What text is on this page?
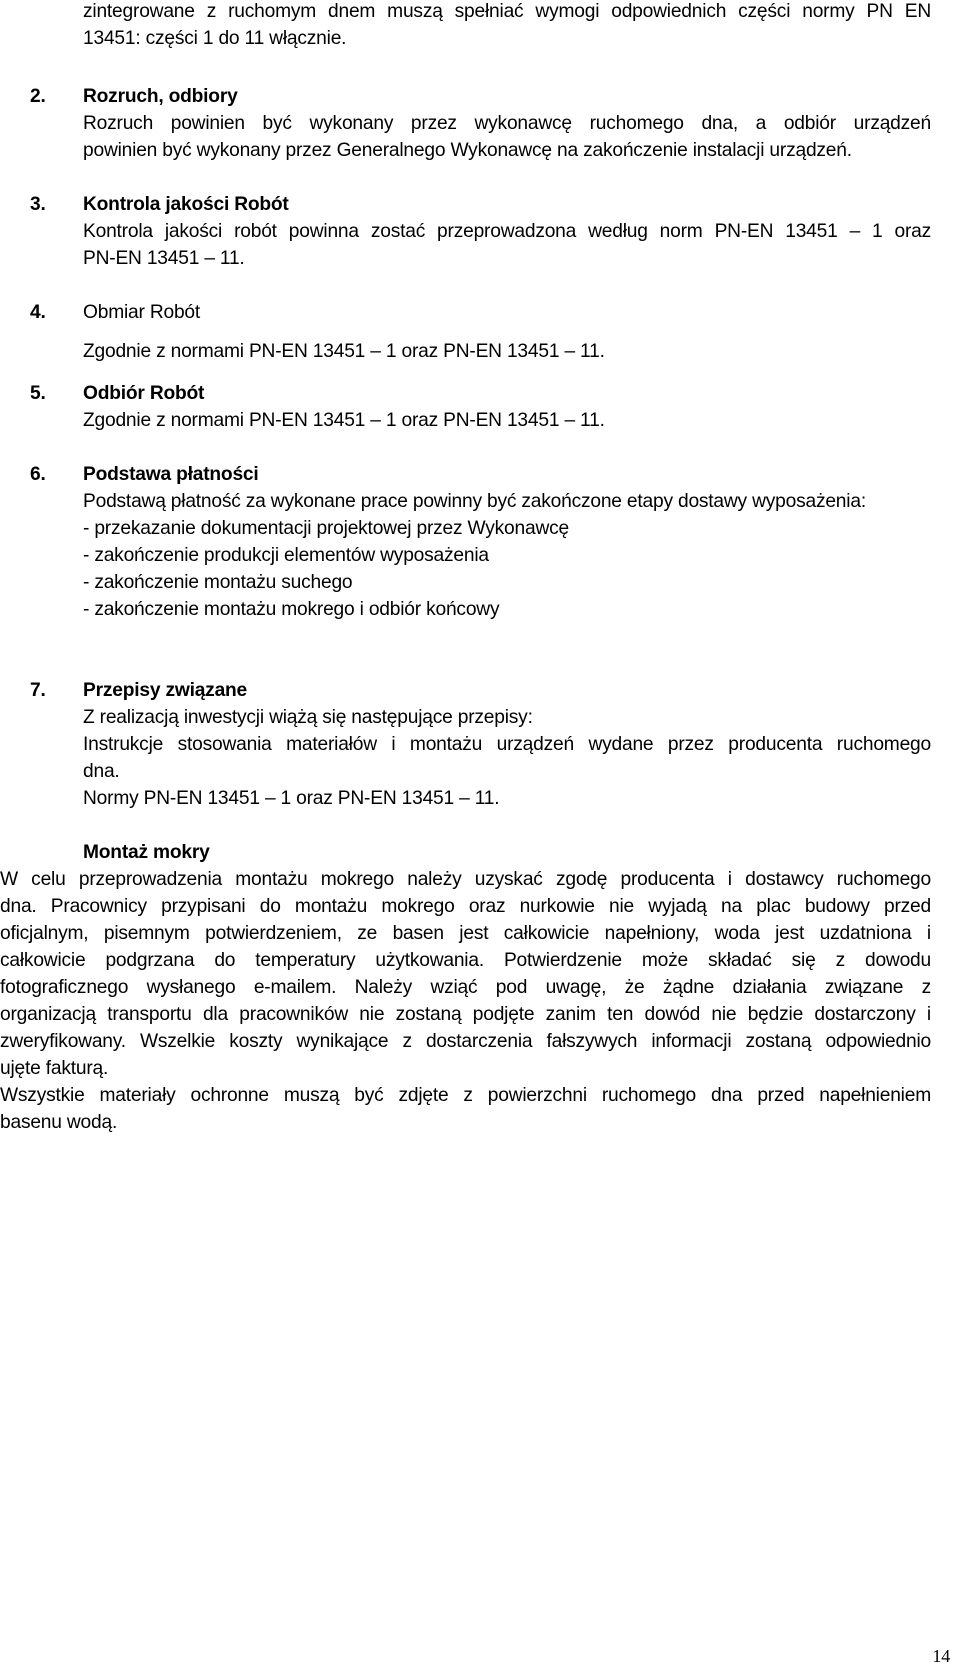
zintegrowane z ruchomym dnem muszą spełniać wymogi odpowiednich części normy PN EN
13451: części 1 do 11 włącznie.
2. Rozruch, odbiory
Rozruch powinien być wykonany przez wykonawcę ruchomego dna, a odbiór urządzeń
powinien być wykonany przez Generalnego Wykonawcę na zakończenie instalacji urządzeń.
3. Kontrola jakości Robót
Kontrola jakości robót powinna zostać przeprowadzona według norm PN-EN 13451 – 1 oraz
PN-EN 13451 – 11.
4. Obmiar Robót
Zgodnie z normami PN-EN 13451 – 1 oraz PN-EN 13451 – 11.
5. Odbiór Robót
Zgodnie z normami PN-EN 13451 – 1 oraz PN-EN 13451 – 11.
6. Podstawa płatności
Podstawą płatność za wykonane prace powinny być zakończone etapy dostawy wyposażenia:
- przekazanie dokumentacji projektowej przez Wykonawcę
- zakończenie produkcji elementów wyposażenia
- zakończenie montażu suchego
- zakończenie montażu mokrego i odbiór końcowy
7. Przepisy związane
Z realizacją inwestycji wiążą się następujące przepisy:
Instrukcje stosowania materiałów i montażu urządzeń wydane przez producenta ruchomego
dna.
Normy PN-EN 13451 – 1 oraz PN-EN 13451 – 11.
Montaż mokry
W celu przeprowadzenia montażu mokrego należy uzyskać zgodę producenta i dostawcy ruchomego
dna. Pracownicy przypisani do montażu mokrego oraz nurkowie nie wyjadą na plac budowy przed
oficjalnym, pisemnym potwierdzeniem, ze basen jest całkowicie napełniony, woda jest uzdatniona i
całkowicie podgrzana do temperatury użytkowania. Potwierdzenie może składać się z dowodu
fotograficznego wysłanego e-mailem. Należy wziąć pod uwagę, że żądne działania związane z
organizacją transportu dla pracowników nie zostaną podjęte zanim ten dowód nie będzie dostarczony i
zweryfikowany. Wszelkie koszty wynikające z dostarczenia fałszywych informacji zostaną odpowiednio
ujęte fakturą.
Wszystkie materiały ochronne muszą być zdjęte z powierzchni ruchomego dna przed napełnieniem
basenu wodą.
14
